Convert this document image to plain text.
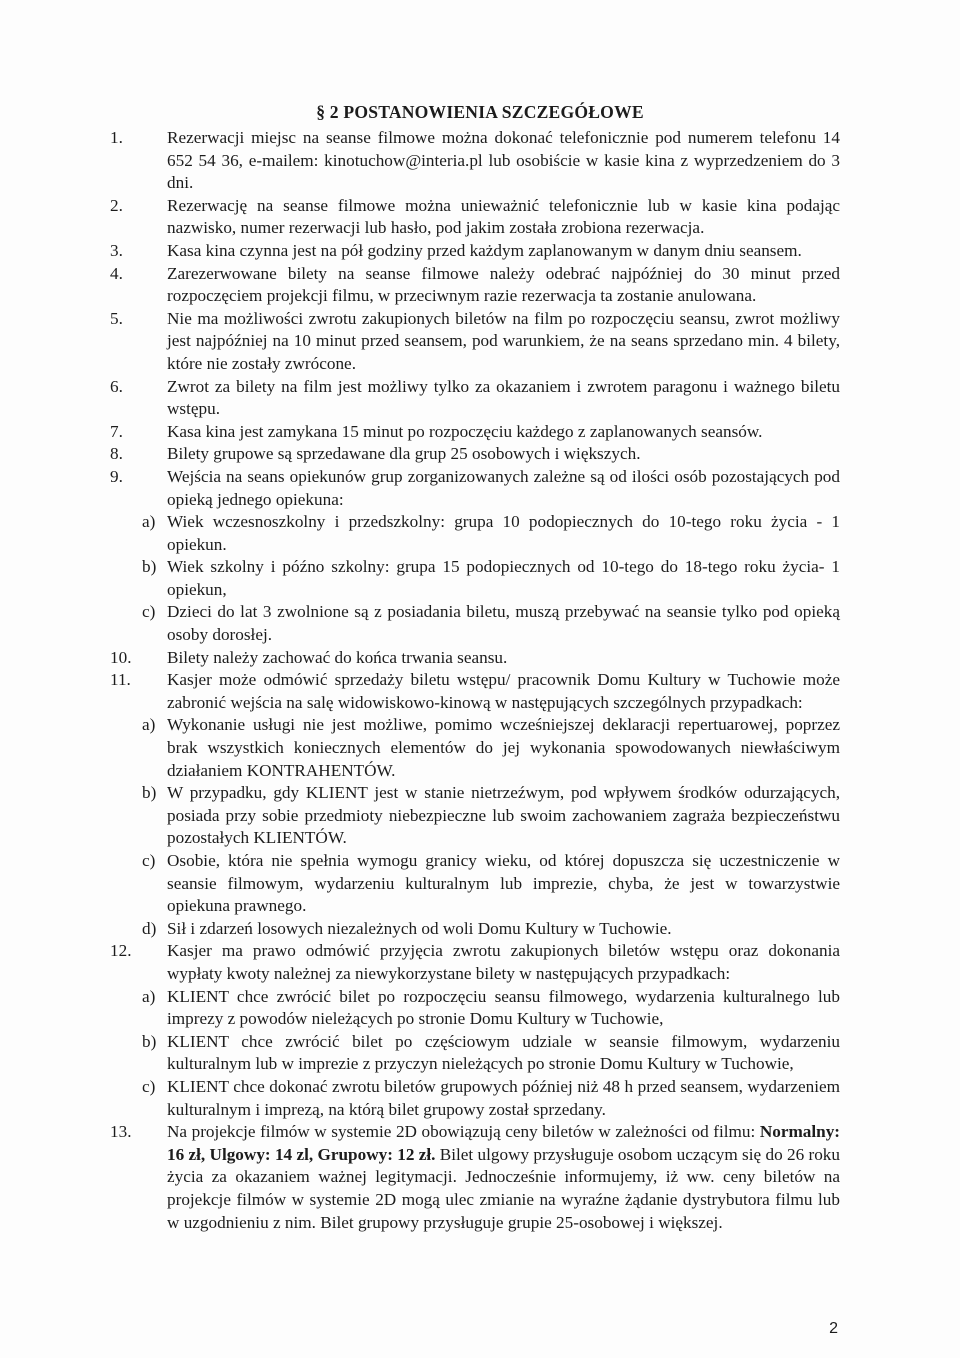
§ 2 POSTANOWIENIA SZCZEGÓŁOWE
1.	Rezerwacji miejsc na seanse filmowe można dokonać telefonicznie pod numerem telefonu 14 652 54 36, e-mailem: kinotuchow@interia.pl lub osobiście w kasie kina z wyprzedzeniem do 3 dni.
2.	Rezerwację na seanse filmowe można unieważnić telefonicznie lub w kasie kina podając nazwisko, numer rezerwacji lub hasło, pod jakim została zrobiona rezerwacja.
3.	Kasa kina czynna jest na pół godziny przed każdym zaplanowanym w danym dniu seansem.
4.	Zarezerwowane bilety na seanse filmowe należy odebrać najpóźniej do 30 minut przed rozpoczęciem projekcji filmu, w przeciwnym razie rezerwacja ta zostanie anulowana.
5.	Nie ma możliwości zwrotu zakupionych biletów na film po rozpoczęciu seansu, zwrot możliwy jest najpóźniej na 10 minut przed seansem, pod warunkiem, że na seans sprzedano min. 4 bilety, które nie zostały zwrócone.
6.	Zwrot za bilety na film jest możliwy tylko za okazaniem i zwrotem paragonu i ważnego biletu wstępu.
7.	Kasa kina jest zamykana 15 minut po rozpoczęciu każdego z zaplanowanych seansów.
8.	Bilety grupowe są sprzedawane dla grup 25 osobowych i większych.
9.	Wejścia na seans opiekunów grup zorganizowanych zależne są od ilości osób pozostających pod opieką jednego opiekuna:
a) Wiek wczesnoszkolny i przedszkolny: grupa 10 podopiecznych do 10-tego roku życia - 1 opiekun.
b) Wiek szkolny i późno szkolny: grupa 15 podopiecznych od 10-tego do 18-tego roku życia- 1 opiekun,
c) Dzieci do lat 3 zwolnione są z posiadania biletu, muszą przebywać na seansie tylko pod opieką osoby dorosłej.
10. Bilety należy zachować do końca trwania seansu.
11. Kasjer może odmówić sprzedaży biletu wstępu/ pracownik Domu Kultury w Tuchowie może zabronić wejścia na salę widowiskowo-kinową w następujących szczególnych przypadkach:
a) Wykonanie usługi nie jest możliwe, pomimo wcześniejszej deklaracji repertuarowej, poprzez brak wszystkich koniecznych elementów do jej wykonania spowodowanych niewłaściwym działaniem KONTRAHENTÓW.
b) W przypadku, gdy KLIENT jest w stanie nietrzeźwym, pod wpływem środków odurzających, posiada przy sobie przedmioty niebezpieczne lub swoim zachowaniem zagraża bezpieczeństwu pozostałych KLIENTÓW.
c) Osobie, która nie spełnia wymogu granicy wieku, od której dopuszcza się uczestniczenie w seansie filmowym, wydarzeniu kulturalnym lub imprezie, chyba, że jest w towarzystwie opiekuna prawnego.
d) Sił i zdarzeń losowych niezależnych od woli Domu Kultury w Tuchowie.
12. Kasjer ma prawo odmówić przyjęcia zwrotu zakupionych biletów wstępu oraz dokonania wypłaty kwoty należnej za niewykorzystane bilety w następujących przypadkach:
a) KLIENT chce zwrócić bilet po rozpoczęciu seansu filmowego, wydarzenia kulturalnego lub imprezy z powodów nieleżących po stronie Domu Kultury w Tuchowie,
b) KLIENT chce zwrócić bilet po częściowym udziale w seansie filmowym, wydarzeniu kulturalnym lub w imprezie z przyczyn nieleżących po stronie Domu Kultury w Tuchowie,
c) KLIENT chce dokonać zwrotu biletów grupowych później niż 48 h przed seansem, wydarzeniem kulturalnym i imprezą, na którą bilet grupowy został sprzedany.
13. Na projekcje filmów w systemie 2D obowiązują ceny biletów w zależności od filmu: Normalny: 16 zł, Ulgowy: 14 zl, Grupowy: 12 zł. Bilet ulgowy przysługuje osobom uczącym się do 26 roku życia za okazaniem ważnej legitymacji. Jednocześnie informujemy, iż ww. ceny biletów na projekcje filmów w systemie 2D mogą ulec zmianie na wyraźne żądanie dystrybutora filmu lub w uzgodnieniu z nim. Bilet grupowy przysługuje grupie 25-osobowej i większej.
2
